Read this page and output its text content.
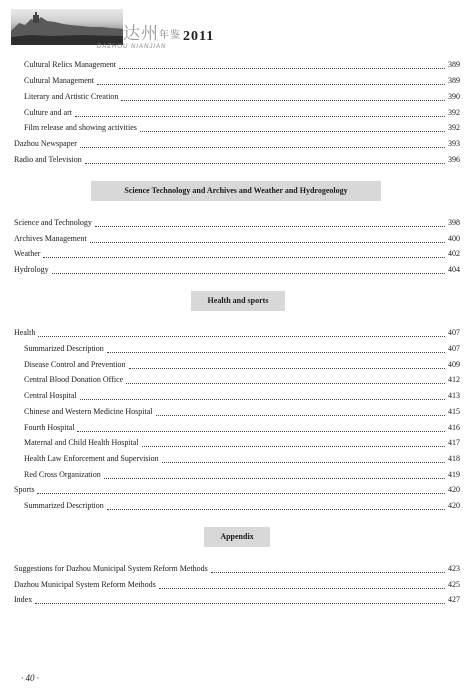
达州 年鉴 2011
DAZHOU NIANJIAN
Cultural Relics Management	389
Cultural Management	389
Literary and Artistic Creation	390
Culture and art	392
Film release and showing activities	392
Dazhou Newspaper	393
Radio and Television	396
Science Technology and Archives and Weather and Hydrogeology
Science and Technology	398
Archives Management	400
Weather	402
Hydrology	404
Health and sports
Health	407
Summarized Description	407
Disease Control and Prevention	409
Central Blood Donation Office	412
Central Hospital	413
Chinese and Western Medicine Hospital	415
Fourth Hospital	416
Maternal and Child Health Hospital	417
Health Law Enforcement and Supervision	418
Red Cross Organization	419
Sports	420
Summarized Description	420
Appendix
Suggestions for Dazhou Municipal System Reform Methods	423
Dazhou Municipal System Reform Methods	425
Index	427
· 40 ·
